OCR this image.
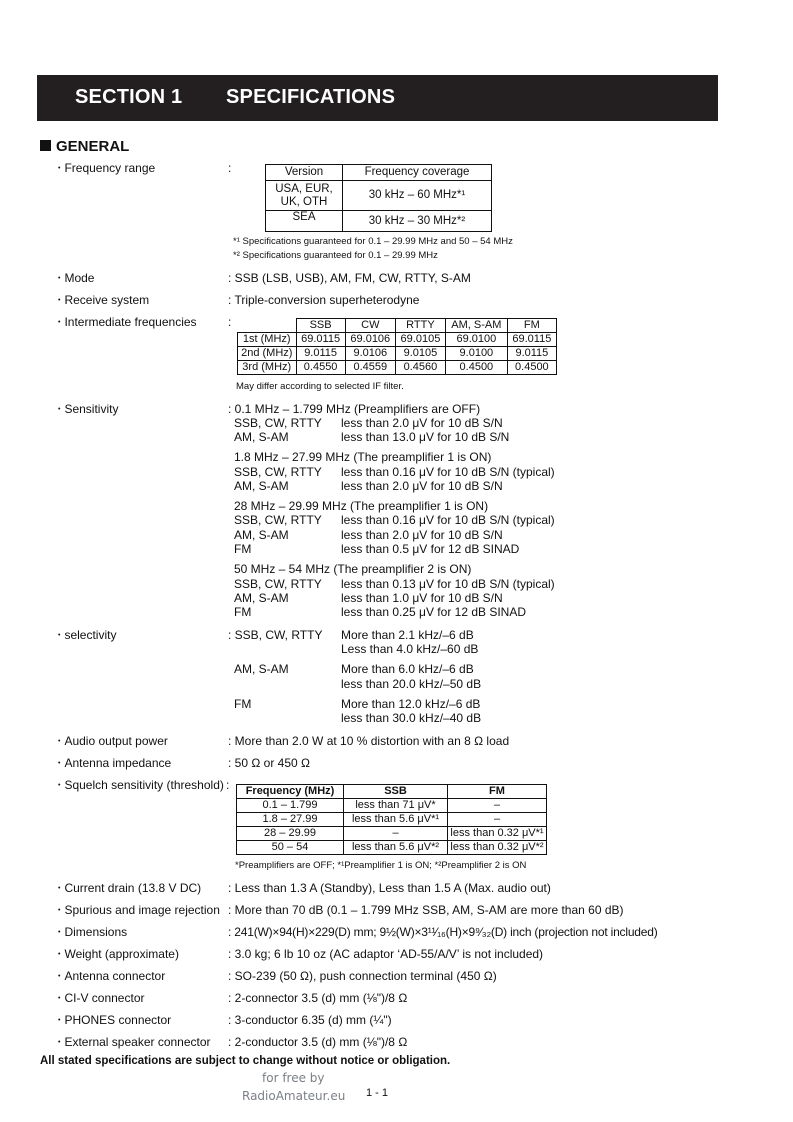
SECTION 1 SPECIFICATIONS
GENERAL
• Frequency range	:	Version	Frequency coverage
USA, EUR,
UK, OTH	30 kHz – 60 MHz*¹
SEA	30 kHz – 30 MHz*²
*¹ Specifications guaranteed for 0.1 – 29.99 MHz and 50 – 54 MHz
*² Specifications guaranteed for 0.1 – 29.99 MHz
• Mode	: SSB (LSB, USB), AM, FM, CW, RTTY, S-AM
• Receive system	: Triple-conversion superheterodyne
• Intermediate frequencies	:
		SSB	CW	RTTY	AM, S-AM	FM
1st (MHz)	69.0115	69.0106	69.0105	69.0100	69.0115
2nd (MHz)	9.0115	9.0106	9.0105	9.0100	9.0115
3rd (MHz)	0.4550	0.4559	0.4560	0.4500	0.4500
May differ according to selected IF filter.
• Sensitivity	: 0.1 MHz – 1.799 MHz (Preamplifiers are OFF)
SSB, CW, RTTY less than 2.0 μV for 10 dB S/N
AM, S-AM	less than 13.0 μV for 10 dB S/N
1.8 MHz – 27.99 MHz (The preamplifier 1 is ON)
SSB, CW, RTTY less than 0.16 μV for 10 dB S/N (typical)
AM, S-AM	less than 2.0 μV for 10 dB S/N
28 MHz – 29.99 MHz (The preamplifier 1 is ON)
SSB, CW, RTTY less than 0.16 μV for 10 dB S/N (typical)
AM, S-AM	less than 2.0 μV for 10 dB S/N
FM	less than 0.5 μV for 12 dB SINAD
50 MHz – 54 MHz (The preamplifier 2 is ON)
SSB, CW, RTTY less than 0.13 μV for 10 dB S/N (typical)
AM, S-AM	less than 1.0 μV for 10 dB S/N
FM	less than 0.25 μV for 12 dB SINAD
• selectivity	: SSB, CW, RTTY More than 2.1 kHz/–6 dB
Less than 4.0 kHz/–60 dB
AM, S-AM	More than 6.0 kHz/–6 dB
less than 20.0 kHz/–50 dB
FM	More than 12.0 kHz/–6 dB
less than 30.0 kHz/–40 dB
• Audio output power	: More than 2.0 W at 10 % distortion with an 8 Ω load
• Antenna impedance	: 50 Ω or 450 Ω
• Squelch sensitivity (threshold) : Frequency (MHz)	SSB	FM
0.1 – 1.799	less than 71 μV*	–
1.8 – 27.99	less than 5.6 μV*¹	–
28 – 29.99	–	less than 0.32 μV*¹
50 – 54	less than 5.6 μV*²	less than 0.32 μV*²
*Preamplifiers are OFF; *¹Preamplifier 1 is ON; *²Preamplifier 2 is ON
• Current drain (13.8 V DC) : Less than 1.3 A (Standby), Less than 1.5 A (Max. audio out)
• Spurious and image rejection : More than 70 dB (0.1 – 1.799 MHz SSB, AM, S-AM are more than 60 dB)
• Dimensions	: 241(W)×94(H)×229(D) mm; 9½(W)×3¹¹⁄₁₆(H)×9⁹⁄₃₂(D) inch (projection not included)
• Weight (approximate)	: 3.0 kg; 6 lb 10 oz (AC adaptor ‘AD-55/A/V’ is not included)
• Antenna connector	: SO-239 (50 Ω), push connection terminal (450 Ω)
• CI-V connector	: 2-connector 3.5 (d) mm (⅛")/8 Ω
• PHONES connector	: 3-conductor 6.35 (d) mm (¼")
• External speaker connector : 2-conductor 3.5 (d) mm (⅛")/8 Ω
All stated specifications are subject to change without notice or obligation.
for free by
RadioAmateur.eu 1 - 1
